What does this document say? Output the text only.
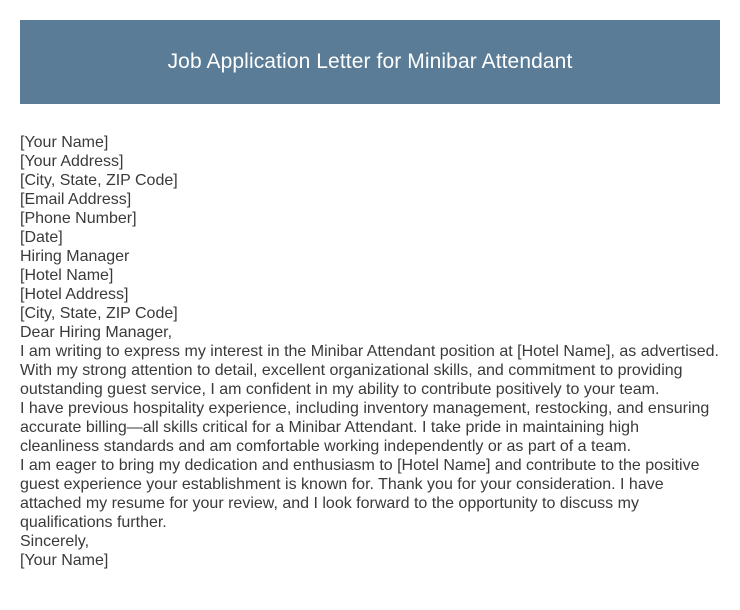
Job Application Letter for Minibar Attendant

[Your Name]

[Your Address]

[City, State, ZIP Code]

[Email Address]

[Phone Number]

[Date]

Hiring Manager

[Hotel Name]

[Hotel Address]

[City, State, ZIP Code]

Dear Hiring Manager,

I am writing to express my interest in the Minibar Attendant position at [Hotel Name], as advertised. With my strong attention to detail, excellent organizational skills, and commitment to providing outstanding guest service, I am confident in my ability to contribute positively to your team.

I have previous hospitality experience, including inventory management, restocking, and ensuring accurate billing—all skills critical for a Minibar Attendant. I take pride in maintaining high cleanliness standards and am comfortable working independently or as part of a team.

I am eager to bring my dedication and enthusiasm to [Hotel Name] and contribute to the positive guest experience your establishment is known for. Thank you for your consideration. I have attached my resume for your review, and I look forward to the opportunity to discuss my qualifications further.

Sincerely,

[Your Name]
